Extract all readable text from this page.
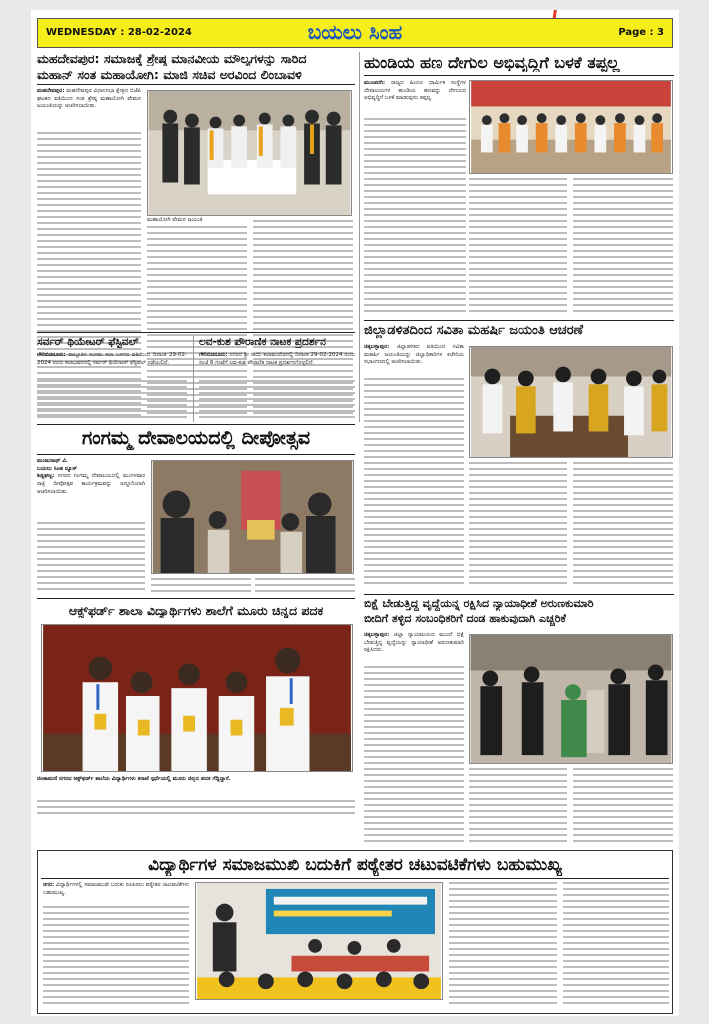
WEDNESDAY : 28-02-2024	ಬಯಲು ಸಿಂಹ	Page : 3
ಮಹದೇವಪುರ: ಸಮಾಜಕ್ಕೆ ಶ್ರೇಷ್ಠ ಮಾನವೀಯ ಮೌಲ್ಯಗಳನ್ನು ಸಾರಿದ
ಮಹಾನ್ ಸಂತ ಮಹಾಯೋಗಿ: ಮಾಜಿ ಸಚಿವ ಅರವಿಂದ ಲಿಂಬಾವಳಿ
ಮಹದೇವಪುರ: ಮಹದೇವಪುರ ವಿಧಾನಸಭಾ ಕ್ಷೇತ್ರದ ಬಿಜೆಪಿ ಘಟಕದ ವತಿಯಿಂದ ಸಂತ ಶ್ರೇಷ್ಠ ಮಹಾಯೋಗಿ ವೇಮನ ಜಯಂತಿಯನ್ನು ಆಚರಿಸಲಾಯಿತು.
ಮಹಾಯೋಗಿ ವೇಮನ ಜಯಂತಿ
ಹುಂಡಿಯ ಹಣ ದೇಗುಲ ಅಭಿವೃದ್ಧಿಗೆ ಬಳಕೆ ತಪ್ಪಲ್ಲ
ಮುಂಡರಗಿ: ರಾಜ್ಯದ ಹಿಂದೂ ಧಾರ್ಮಿಕ ಸಂಸ್ಥೆಗಳ ದೇವಾಲಯಗಳ ಹುಂಡಿಯ ಹಣವನ್ನು ದೇಗುಲದ ಅಭಿವೃದ್ಧಿಗೆ ಬಳಕೆ ಮಾಡುವುದು ತಪ್ಪಲ್ಲ.
ಸರ್ವರ್ ಥಿಯೇಟರ್ ಫೆಸ್ಟಿವಲ್
ಗೌರಿಬಿದನೂರು: ತಾಲ್ಲೂಕಿನ ಸಂಗಮ ಕಲಾ ಬಳಗದ ವತಿಯಿಂದ ದಿನಾಂಕ 29-02-2024 ರಂದು ಕಲಾಭವನದಲ್ಲಿ ಸರ್ವರ್ ಥಿಯೇಟರ್ ಫೆಸ್ಟಿವಲ್ ನಡೆಯಲಿದೆ.
ಲವ-ಕುಶ ಪೌರಾಣಿಕ ನಾಟಕ ಪ್ರದರ್ಶನ
ಗೌರಿಬಿದನೂರು: ನಗರದ ಶ್ರೀ ಸಾಯಿ ಕಲಾಮಂದಿರದಲ್ಲಿ ದಿನಾಂಕ 29-02-2024 ರಂದು ಸಂಜೆ 6 ಗಂಟೆಗೆ ಲವ-ಕುಶ ಪೌರಾಣಿಕ ನಾಟಕ ಪ್ರದರ್ಶನಗೊಳ್ಳಲಿದೆ.
ಜಿಲ್ಲಾಡಳಿತದಿಂದ ಸವಿತಾ ಮಹರ್ಷಿ ಜಯಂತಿ ಆಚರಣೆ
ಚಿಕ್ಕಬಳ್ಳಾಪುರ: ಜಿಲ್ಲಾಡಳಿತದ ವತಿಯಿಂದ ಸವಿತಾ ಮಹರ್ಷಿ ಜಯಂತಿಯನ್ನು ಜಿಲ್ಲಾಧಿಕಾರಿಗಳ ಕಚೇರಿಯ ಸಭಾಂಗಣದಲ್ಲಿ ಆಚರಿಸಲಾಯಿತು.
ಗಂಗಮ್ಮ ದೇವಾಲಯದಲ್ಲಿ ದೀಪೋತ್ಸವ
ಮಂಜುನಾಥ್ ವಿ.
ಬಯಲು ಸಿಂಹ ನ್ಯೂಸ್
ಶಿಡ್ಲಘಟ್ಟ: ನಗರದ ಗಂಗಮ್ಮ ದೇವಾಲಯದಲ್ಲಿ ಮಂಗಳವಾರ ರಾತ್ರಿ ದೀಪೋತ್ಸವ ಕಾರ್ಯಕ್ರಮವನ್ನು ಅದ್ದೂರಿಯಾಗಿ ಆಚರಿಸಲಾಯಿತು.
ಬಿಕ್ಷೆ ಬೇಡುತ್ತಿದ್ದ ವೃದ್ದೆಯನ್ನ ರಕ್ಷಿಸಿದ ನ್ಯಾಯಾಧೀಶೆ ಅರುಣಕುಮಾರಿ
ಬೀದಿಗೆ ತಳ್ಳಿದ ಸಂಬಂಧಿಕರಿಗೆ ದಂಡ ಹಾಕುವುದಾಗಿ ಎಚ್ಚರಿಕೆ
ಚಿಕ್ಕಬಳ್ಳಾಪುರ: ಜಿಲ್ಲಾ ನ್ಯಾಯಾಲಯದ ಮುಂದೆ ಬಿಕ್ಷೆ ಬೇಡುತ್ತಿದ್ದ ವೃದ್ದೆಯನ್ನು ನ್ಯಾಯಾಧೀಶೆ ಅರುಣಕುಮಾರಿ ರಕ್ಷಿಸಿದರು.
ಆಕ್ಸ್‌ಫರ್ಡ್ ಶಾಲಾ ವಿದ್ಯಾರ್ಥಿಗಳು ಶಾಲೆಗೆ ಮೂರು ಚಿನ್ನದ ಪದಕ
ಚಿಂತಾಮಣಿ ನಗರದ ಆಕ್ಸ್‌ಫರ್ಡ್ ಶಾಲೆಯ ವಿದ್ಯಾರ್ಥಿಗಳು ಕರಾಟೆ ಸ್ಪರ್ಧೆಯಲ್ಲಿ ಮೂರು ಚಿನ್ನದ ಪದಕ ಗೆದ್ದಿದ್ದಾರೆ.
ವಿದ್ಯಾರ್ಥಿಗಳ ಸಮಾಜಮುಖಿ ಬದುಕಿಗೆ ಪಠ್ಯೇತರ ಚಟುವಟಿಕೆಗಳು ಬಹುಮುಖ್ಯ
ನಗರ: ವಿದ್ಯಾರ್ಥಿಗಳಲ್ಲಿ ಸಮಾಜಮುಖಿ ಬದುಕು ರೂಪಿಸಲು ಪಠ್ಯೇತರ ಚಟುವಟಿಕೆಗಳು ಬಹುಮುಖ್ಯ.
